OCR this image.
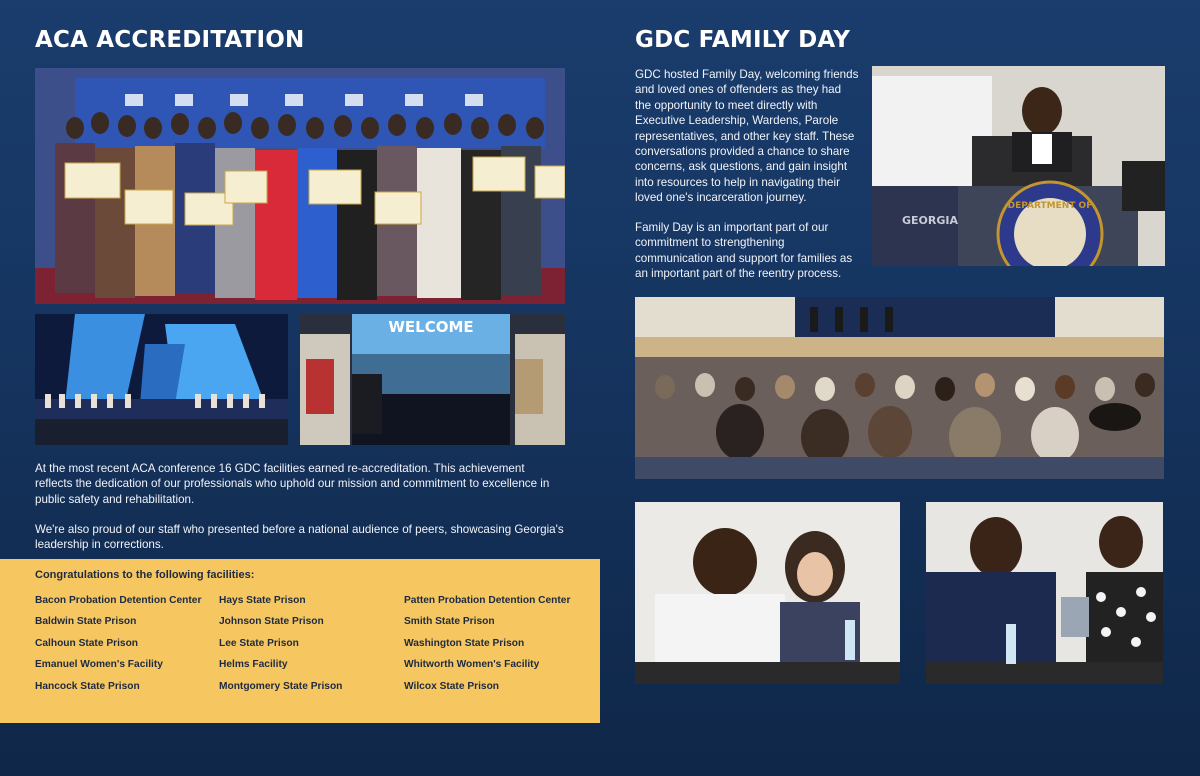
ACA ACCREDITATION
WELCOME

At the most recent ACA conference 16 GDC facilities earned re-accreditation. This achievement reflects the dedication of our professionals who uphold our mission and commitment to excellence in public safety and rehabilitation.

We're also proud of our staff who presented before a national audience of peers, showcasing Georgia's leadership in corrections.

Congratulations to the following facilities:
Bacon Probation Detention Center
Baldwin State Prison
Calhoun State Prison
Emanuel Women's Facility
Hancock State Prison
Hays State Prison
Johnson State Prison
Lee State Prison
Helms Facility
Montgomery State Prison
Patten Probation Detention Center
Smith State Prison
Washington State Prison
Whitworth Women's Facility
Wilcox State Prison
GDC FAMILY DAY

GDC hosted Family Day, welcoming friends and loved ones of offenders as they had the opportunity to meet directly with Executive Leadership, Wardens, Parole representatives, and other key staff. These conversations provided a chance to share concerns, ask questions, and gain insight into resources to help in navigating their loved one's incarceration journey.

Family Day is an important part of our commitment to strengthening communication and support for families as an important part of the reentry process.

GEORGIA
DEPARTMENT OF
